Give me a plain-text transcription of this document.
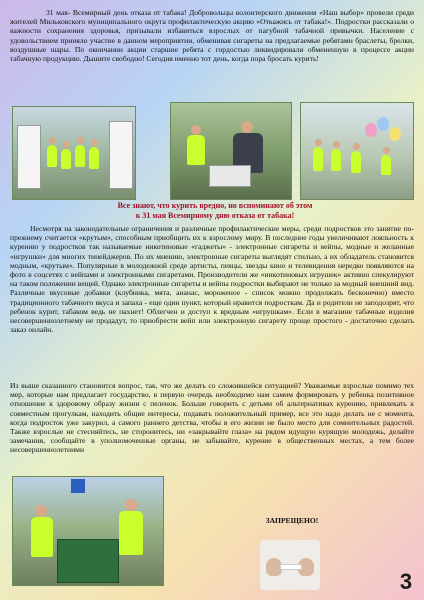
31 мая- Всемирный день отказа от табака! Добровольцы волонтерского движения «Наш выбор» провели среди жителей Мильковского муниципального округа профилактическую акцию «Откажись от табака!». Подростки рассказали о важности сохранения здоровья, призывали избавиться взрослых от пагубной табачной привычки. Население с удовольствием приняло участие в данном мероприятии, обменивая сигареты на предлагаемые ребятами браслеты, брелки, воздушные шары. По окончании акции старшие ребята с гордостью ликвидировали обмененную в процессе акции табачную продукцию. Дышите свободно! Сегодня именно тот день, когда пора бросать курить!

Все знают, что курить вредно, но вспоминают об этом
к 31 мая Всемирному дню отказа от табака!

Несмотря на законодательные ограничения и различные профилактические меры, среди подростков это занятие по-прежнему считается «крутым», способным приобщить их к взрослому миру. В последние годы увеличивают лояльность к курению у подростков так называемые никотиновые «гаджеты» - электронные сигареты и вейпы, модные и желанные «игрушки» для многих тинейджеров. По их мнению, электронные сигареты выглядят стильно, а их обладатель становится модным, «крутым». Популярные в молодежной среде артисты, певцы, звезды кино и телевидения нередко появляются на фото в соцсетях с вейпами и электронными сигаретами. Производители же «никотиновых игрушек» активно спекулируют на таком положении вещей. Однако электронные сигареты и вейпы подростки выбирают не только за модный внешний вид. Различные вкусовые добавки (клубника, мята, ананас, мороженое - список можно продолжать бесконечно) вместо традиционного табачного вкуса и запаха - еще один пункт, который нравится подросткам. Да и родители не заподозрят, что ребенок курит, табаком ведь не пахнет! Облегчен и доступ к вредным «игрушкам». Если в магазине табачные изделия несовершеннолетнему не продадут, то приобрести вейп или электронную сигарету проще простого - достаточно сделать заказ онлайн.

Из выше сказанного становится вопрос, так, что же делать со сложившейся ситуацией? Уважаемые взрослые помимо тех мер, которые нам предлагает государство, в первую очередь необходимо нам самим формировать у ребенка позитивное отношение к здоровому образу жизни с пеленок. Больше говорить с детьми об альтернативах курению, привлекать к совместным прогулкам, находить общие интересы, подавать положительный пример, все это надо делать не с момента, когда подросток уже закурил, а самого раннего детства, чтобы в его жизни не было место для сомнительных радостей. Также взрослые не стесняйтесь, не сторонитесь, ни «закрывайте глаза» на рядом идущую курящую молодежь, делайте замечания, сообщайте в уполномоченные органы, не забывайте, курение в общественных местах, а тем более несовершеннолетними

ЗАПРЕЩЕНО!
3
